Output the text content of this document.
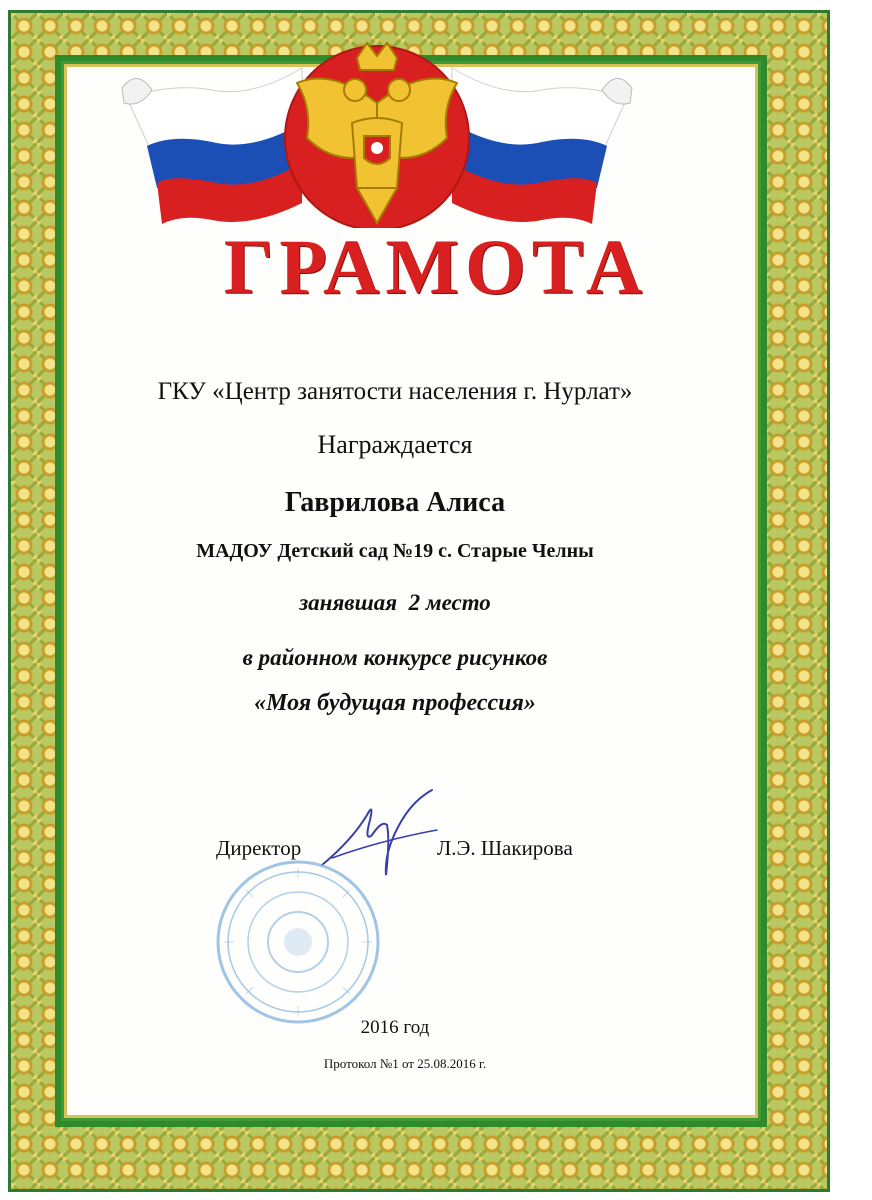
ГРАМОТА
ГКУ «Центр занятости населения г. Нурлат»
Награждается
Гаврилова Алиса
МАДОУ Детский сад №19 с. Старые Челны
занявшая  2 место
в районном конкурсе рисунков
«Моя будущая профессия»
Директор	Л.Э. Шакирова
2016 год
Протокол №1 от 25.08.2016 г.
